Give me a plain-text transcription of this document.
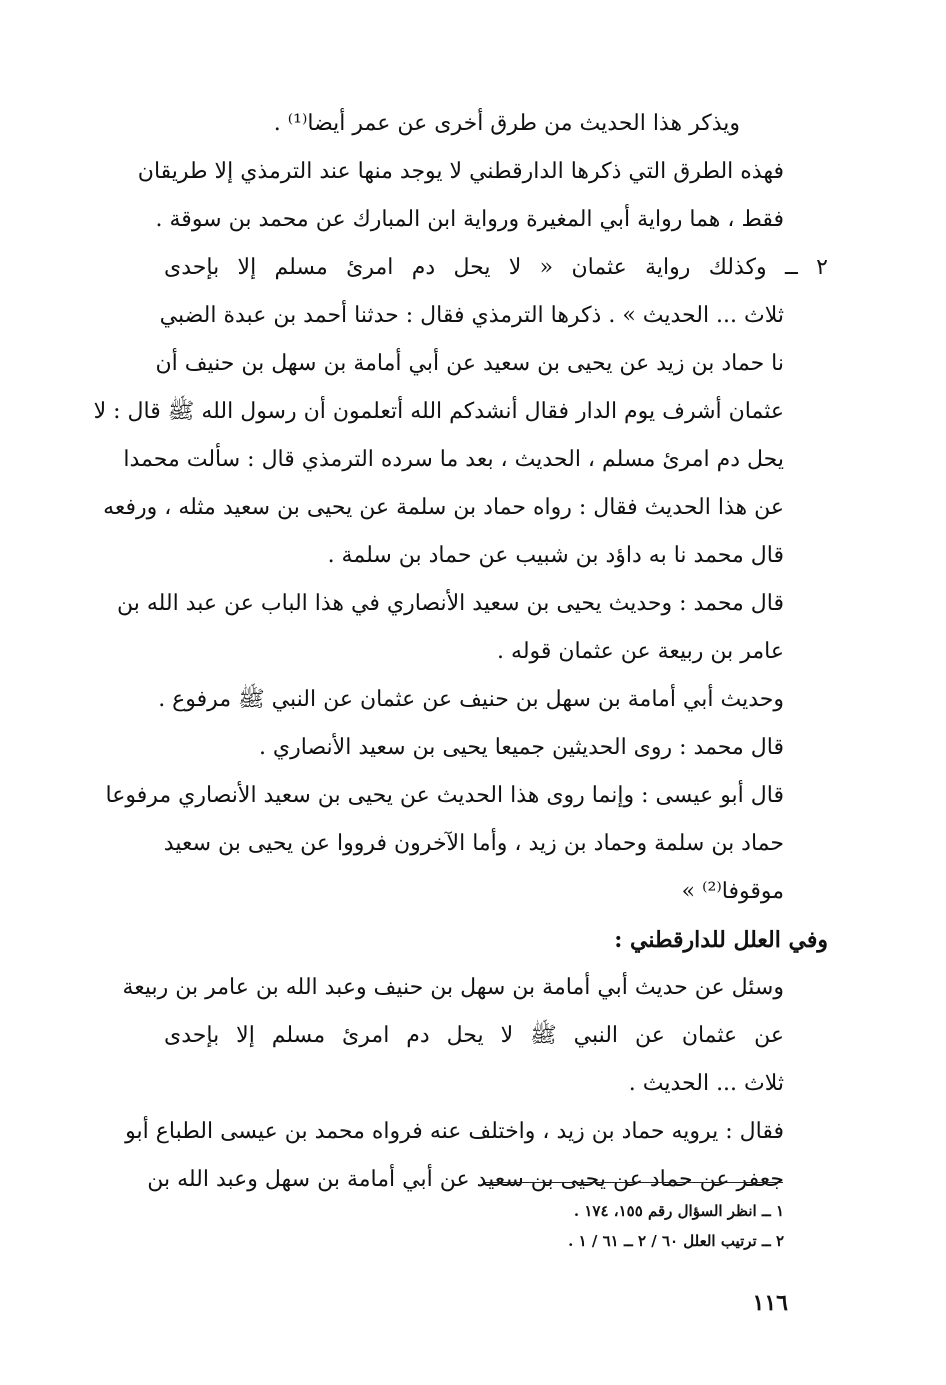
ويذكر هذا الحديث من طرق أخرى عن عمر أيضا⁽¹⁾ .
فهذه الطرق التي ذكرها الدارقطني لا يوجد منها عند الترمذي إلا طريقان
فقط ، هما رواية أبي المغيرة ورواية ابن المبارك عن محمد بن سوقة .
٢ ــ وكذلك رواية عثمان « لا يحل دم امرئ مسلم إلا بإحدى
ثلاث ... الحديث » . ذكرها الترمذي فقال : حدثنا أحمد بن عبدة الضبي
نا حماد بن زيد عن يحيى بن سعيد عن أبي أمامة بن سهل بن حنيف أن
عثمان أشرف يوم الدار فقال أنشدكم الله أتعلمون أن رسول الله ﷺ قال : لا
يحل دم امرئ مسلم ، الحديث ، بعد ما سرده الترمذي قال : سألت محمدا
عن هذا الحديث فقال : رواه حماد بن سلمة عن يحيى بن سعيد مثله ، ورفعه
قال محمد نا به داؤد بن شبيب عن حماد بن سلمة .
قال محمد : وحديث يحيى بن سعيد الأنصاري في هذا الباب عن عبد الله بن
عامر بن ربيعة عن عثمان قوله .
وحديث أبي أمامة بن سهل بن حنيف عن عثمان عن النبي ﷺ مرفوع .
قال محمد : روى الحديثين جميعا يحيى بن سعيد الأنصاري .
قال أبو عيسى : وإنما روى هذا الحديث عن يحيى بن سعيد الأنصاري مرفوعا
حماد بن سلمة وحماد بن زيد ، وأما الآخرون فرووا عن يحيى بن سعيد
موقوفا⁽²⁾ »
وفي العلل للدارقطني :
وسئل عن حديث أبي أمامة بن سهل بن حنيف وعبد الله بن عامر بن ربيعة
عن عثمان عن النبي ﷺ لا يحل دم امرئ مسلم إلا بإحدى
ثلاث ... الحديث .
فقال : يرويه حماد بن زيد ، واختلف عنه فرواه محمد بن عيسى الطباع أبو
جعفر عن حماد عن يحيى بن سعيد عن أبي أمامة بن سهل وعبد الله بن
١ ــ انظر السؤال رقم ١٥٥، ١٧٤ .
٢ ــ ترتيب العلل ٦٠ / ٢ ــ ٦١ / ١ .
١١٦
